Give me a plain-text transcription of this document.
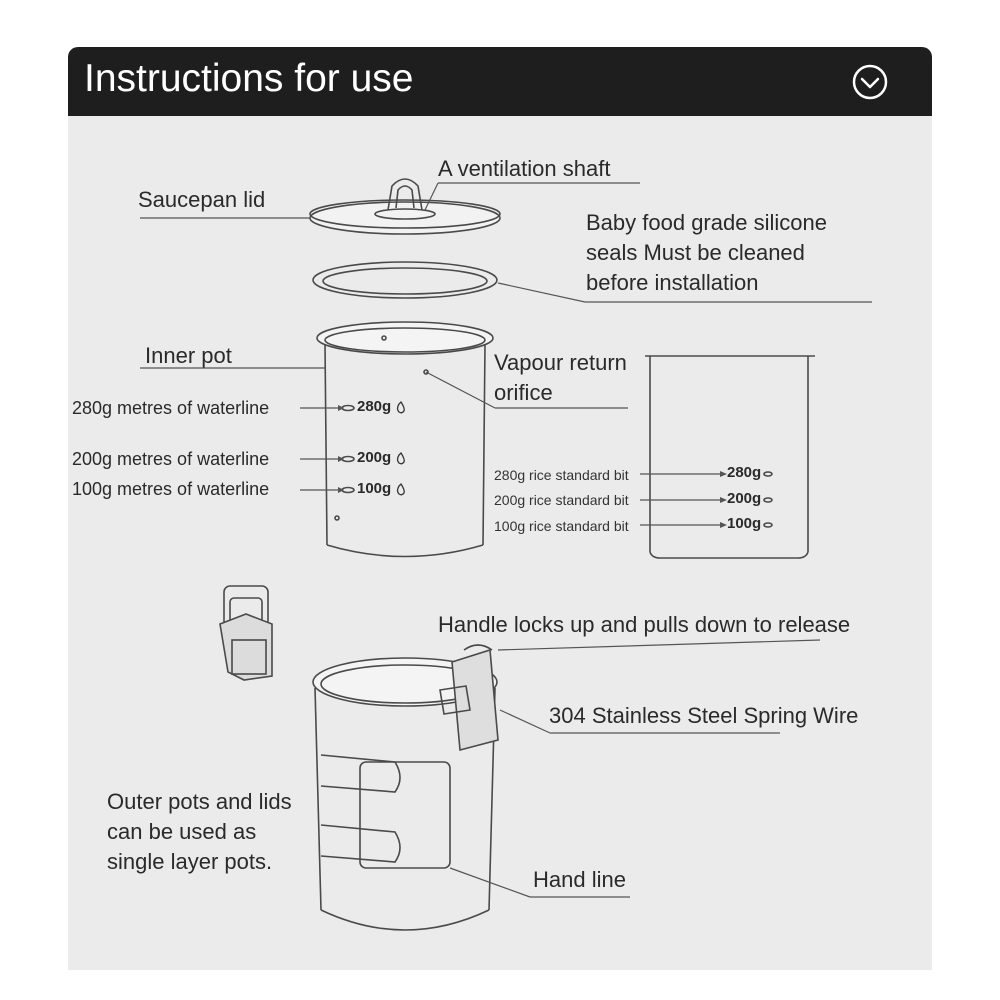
Instructions for use
Saucepan lid
A ventilation shaft
Baby food grade silicone
seals Must be cleaned
before installation
Inner pot	Vapour return
orifice
280g metres of waterline
200g metres of waterline
100g metres of waterline
280g
200g
100g
280g rice standard bit
200g rice standard bit
100g rice standard bit
280g
200g
100g
Handle locks up and pulls down to release
304 Stainless Steel Spring Wire
Outer pots and lids
can be used as
single layer pots.
Hand line
